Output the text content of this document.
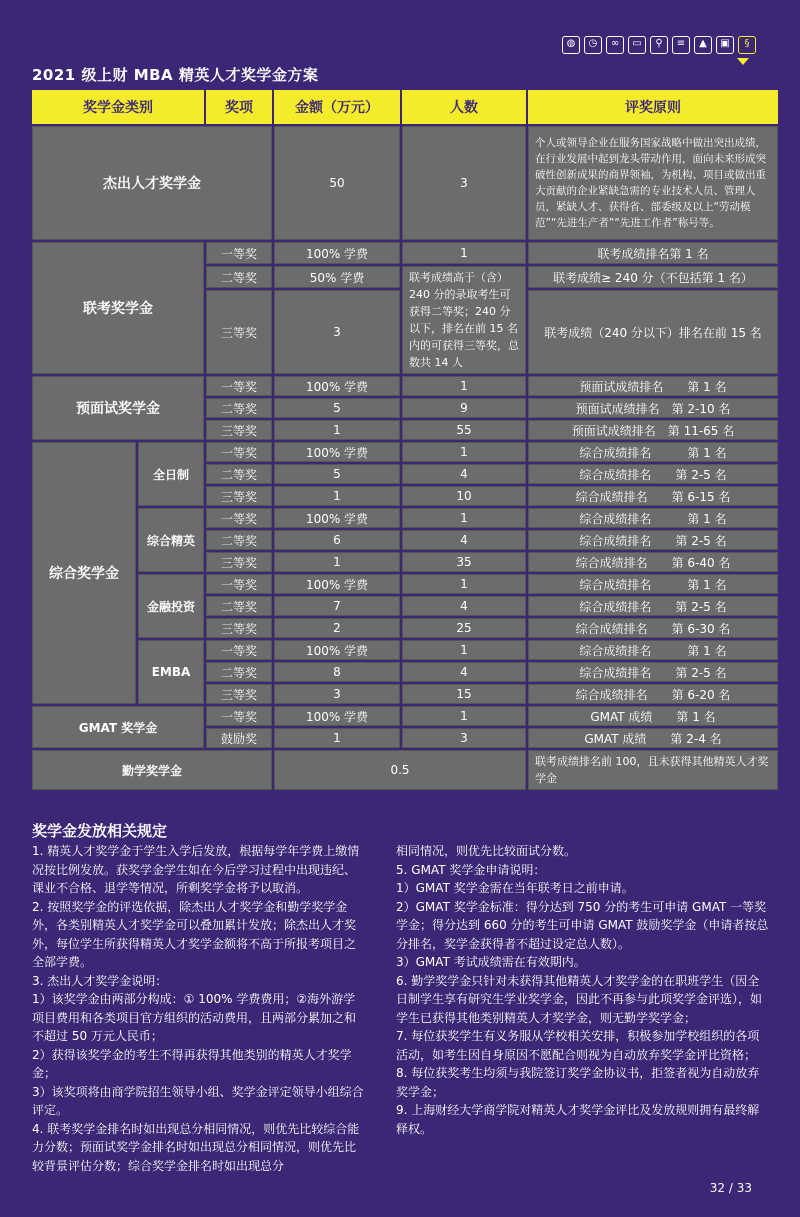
◍	◷	∞	▭	⚲	≡	▲	▣	§
2021 级上财 MBA 精英人才奖学金方案
奖学金类别		奖项	金额（万元）	人数	评奖原则
杰出人才奖学金			50	3	个人或领导企业在服务国家战略中做出突出成绩，在行业发展中起到龙头带动作用，面向未来形成突破性创新成果的商界领袖，为机构、项目或做出重大贡献的企业紧缺急需的专业技术人员、管理人员，紧缺人才、获得省、部委级及以上“劳动模范”“先进生产者”“先进工作者”称号等。
联考奖学金		一等奖	100% 学费	1	联考成绩排名第 1 名
		二等奖	50% 学费	联考成绩高于（含）240 分的录取考生可获得二等奖；240 分以下，排名在前 15 名内的可获得三等奖，总数共 14 人	联考成绩≥ 240 分（不包括第 1 名）
		三等奖	3		联考成绩（240 分以下）排名在前 15 名
预面试奖学金		一等奖	100% 学费	1	预面试成绩排名　　第 1 名
		二等奖	5	9	预面试成绩排名　第 2-10 名
		三等奖	1	55	预面试成绩排名　第 11-65 名
综合奖学金	全日制	一等奖	100% 学费	1	综合成绩排名　　　第 1 名
		二等奖	5	4	综合成绩排名　　第 2-5 名
		三等奖	1	10	综合成绩排名　　第 6-15 名
	综合精英	一等奖	100% 学费	1	综合成绩排名　　　第 1 名
		二等奖	6	4	综合成绩排名　　第 2-5 名
		三等奖	1	35	综合成绩排名　　第 6-40 名
	金融投资	一等奖	100% 学费	1	综合成绩排名　　　第 1 名
		二等奖	7	4	综合成绩排名　　第 2-5 名
		三等奖	2	25	综合成绩排名　　第 6-30 名
	EMBA	一等奖	100% 学费	1	综合成绩排名　　　第 1 名
		二等奖	8	4	综合成绩排名　　第 2-5 名
		三等奖	3	15	综合成绩排名　　第 6-20 名
GMAT 奖学金		一等奖	100% 学费	1	GMAT 成绩　　第 1 名
		鼓励奖	1	3	GMAT 成绩　　第 2-4 名
勤学奖学金			0.5		联考成绩排名前 100，且未获得其他精英人才奖学金
奖学金发放相关规定

1. 精英人才奖学金于学生入学后发放，根据每学年学费上缴情况按比例发放。获奖学金学生如在今后学习过程中出现违纪、课业不合格、退学等情况，所剩奖学金将予以取消。

2. 按照奖学金的评选依据，除杰出人才奖学金和勤学奖学金外，各类别精英人才奖学金可以叠加累计发放；除杰出人才奖外，每位学生所获得精英人才奖学金额将不高于所报考项目之全部学费。

3. 杰出人才奖学金说明：

1）该奖学金由两部分构成：① 100% 学费费用；②海外游学项目费用和各类项目官方组织的活动费用，且两部分累加之和不超过 50 万元人民币；

2）获得该奖学金的考生不得再获得其他类别的精英人才奖学金；

3）该奖项将由商学院招生领导小组、奖学金评定领导小组综合评定。

4. 联考奖学金排名时如出现总分相同情况，则优先比较综合能力分数；预面试奖学金排名时如出现总分相同情况，则优先比较背景评估分数；综合奖学金排名时如出现总分

相同情况，则优先比较面试分数。

5. GMAT 奖学金申请说明：

1）GMAT 奖学金需在当年联考日之前申请。

2）GMAT 奖学金标准：得分达到 750 分的考生可申请 GMAT 一等奖学金；得分达到 660 分的考生可申请 GMAT 鼓励奖学金（申请者按总分排名，奖学金获得者不超过设定总人数）。

3）GMAT 考试成绩需在有效期内。

6. 勤学奖学金只针对未获得其他精英人才奖学金的在职班学生（因全日制学生享有研究生学业奖学金，因此不再参与此项奖学金评选），如学生已获得其他类别精英人才奖学金，则无勤学奖学金；

7. 每位获奖学生有义务服从学校相关安排，积极参加学校组织的各项活动，如考生因自身原因不愿配合则视为自动放弃奖学金评比资格；

8. 每位获奖考生均须与我院签订奖学金协议书，拒签者视为自动放弃奖学金；

9. 上海财经大学商学院对精英人才奖学金评比及发放规则拥有最终解释权。

32 / 33
